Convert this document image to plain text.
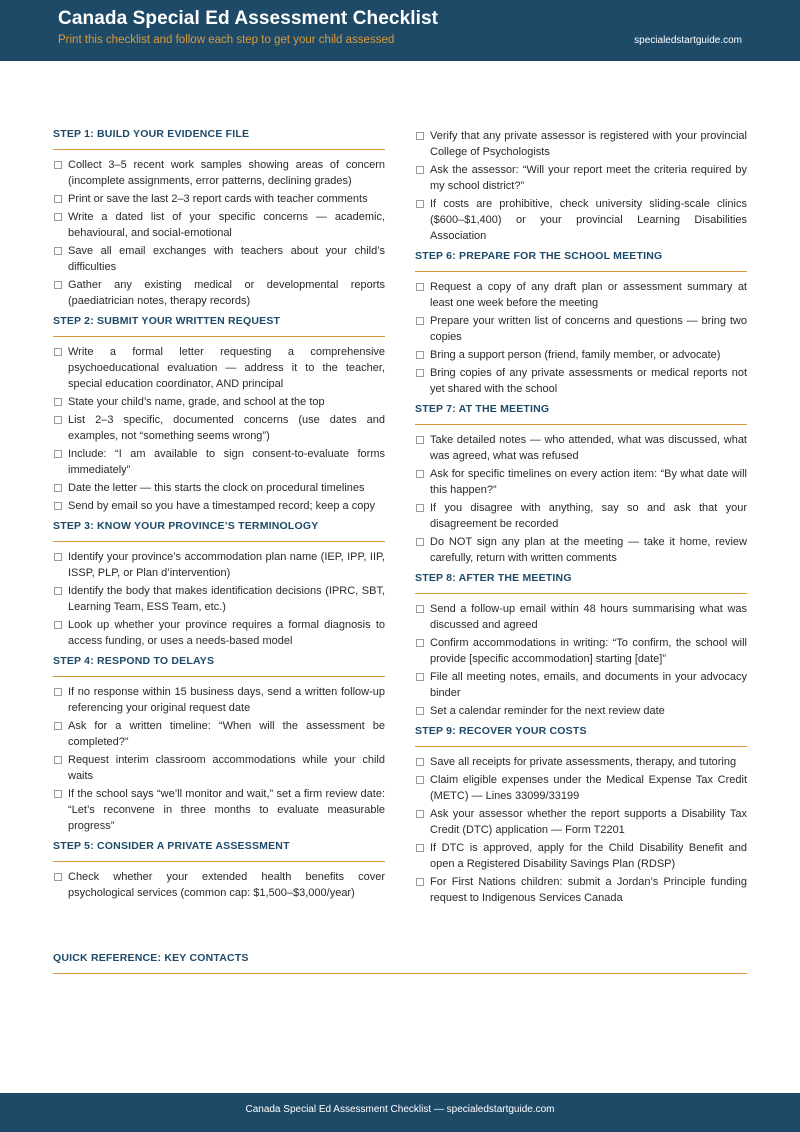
Canada Special Ed Assessment Checklist
Print this checklist and follow each step to get your child assessed	specialedstartguide.com
STEP 1: BUILD YOUR EVIDENCE FILE
Collect 3–5 recent work samples showing areas of concern (incomplete assignments, error patterns, declining grades)
Print or save the last 2–3 report cards with teacher comments
Write a dated list of your specific concerns — academic, behavioural, and social-emotional
Save all email exchanges with teachers about your child’s difficulties
Gather any existing medical or developmental reports (paediatrician notes, therapy records)
STEP 2: SUBMIT YOUR WRITTEN REQUEST
Write a formal letter requesting a comprehensive psychoeducational evaluation — address it to the teacher, special education coordinator, AND principal
State your child’s name, grade, and school at the top
List 2–3 specific, documented concerns (use dates and examples, not “something seems wrong”)
Include: “I am available to sign consent-to-evaluate forms immediately”
Date the letter — this starts the clock on procedural timelines
Send by email so you have a timestamped record; keep a copy
STEP 3: KNOW YOUR PROVINCE’S TERMINOLOGY
Identify your province’s accommodation plan name (IEP, IPP, IIP, ISSP, PLP, or Plan d’intervention)
Identify the body that makes identification decisions (IPRC, SBT, Learning Team, ESS Team, etc.)
Look up whether your province requires a formal diagnosis to access funding, or uses a needs-based model
STEP 4: RESPOND TO DELAYS
If no response within 15 business days, send a written follow-up referencing your original request date
Ask for a written timeline: “When will the assessment be completed?”
Request interim classroom accommodations while your child waits
If the school says “we’ll monitor and wait,” set a firm review date: “Let’s reconvene in three months to evaluate measurable progress”
STEP 5: CONSIDER A PRIVATE ASSESSMENT
Check whether your extended health benefits cover psychological services (common cap: $1,500–$3,000/year)
Verify that any private assessor is registered with your provincial College of Psychologists
Ask the assessor: “Will your report meet the criteria required by my school district?”
If costs are prohibitive, check university sliding-scale clinics ($600–$1,400) or your provincial Learning Disabilities Association
STEP 6: PREPARE FOR THE SCHOOL MEETING
Request a copy of any draft plan or assessment summary at least one week before the meeting
Prepare your written list of concerns and questions — bring two copies
Bring a support person (friend, family member, or advocate)
Bring copies of any private assessments or medical reports not yet shared with the school
STEP 7: AT THE MEETING
Take detailed notes — who attended, what was discussed, what was agreed, what was refused
Ask for specific timelines on every action item: “By what date will this happen?”
If you disagree with anything, say so and ask that your disagreement be recorded
Do NOT sign any plan at the meeting — take it home, review carefully, return with written comments
STEP 8: AFTER THE MEETING
Send a follow-up email within 48 hours summarising what was discussed and agreed
Confirm accommodations in writing: “To confirm, the school will provide [specific accommodation] starting [date]”
File all meeting notes, emails, and documents in your advocacy binder
Set a calendar reminder for the next review date
STEP 9: RECOVER YOUR COSTS
Save all receipts for private assessments, therapy, and tutoring
Claim eligible expenses under the Medical Expense Tax Credit (METC) — Lines 33099/33199
Ask your assessor whether the report supports a Disability Tax Credit (DTC) application — Form T2201
If DTC is approved, apply for the Child Disability Benefit and open a Registered Disability Savings Plan (RDSP)
For First Nations children: submit a Jordan’s Principle funding request to Indigenous Services Canada
QUICK REFERENCE: KEY CONTACTS
Canada Special Ed Assessment Checklist — specialedstartguide.com
